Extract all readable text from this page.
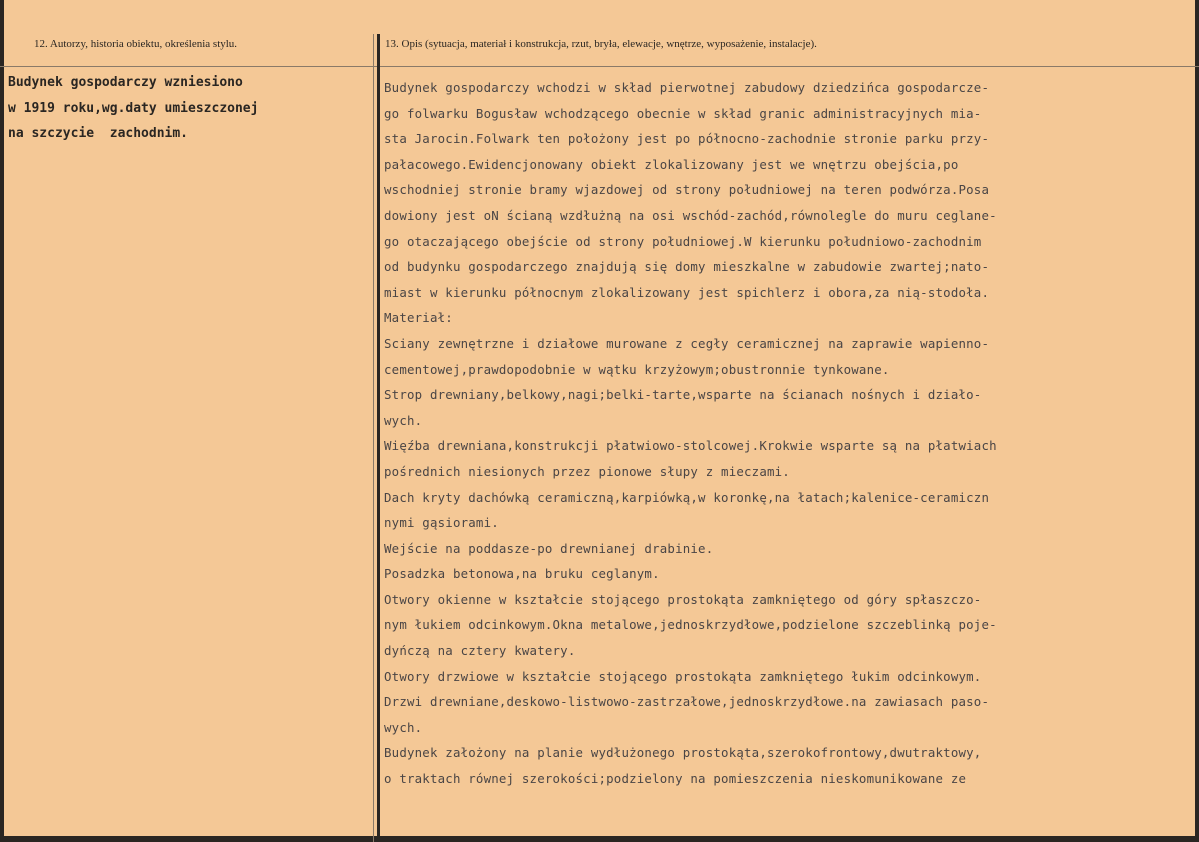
12. Autorzy, historia obiektu, określenia stylu.	13. Opis (sytuacja, materiał i konstrukcja, rzut, bryła, elewacje, wnętrze, wyposażenie, instalacje).
Budynek gospodarczy wzniesiono
w 1919 roku,wg.daty umieszczonej
na szczycie  zachodnim.
Budynek gospodarczy wchodzi w skład pierwotnej zabudowy dziedzińca gospodarcze-
go folwarku Bogusław wchodzącego obecnie w skład granic administracyjnych mia-
sta Jarocin.Folwark ten położony jest po północno-zachodnie stronie parku przy-
pałacowego.Ewidencjonowany obiekt zlokalizowany jest we wnętrzu obejścia,po
wschodniej stronie bramy wjazdowej od strony południowej na teren podwórza.Posa
dowiony jest oN ścianą wzdłużną na osi wschód-zachód,równolegle do muru ceglane-
go otaczającego obejście od strony południowej.W kierunku południowo-zachodnim
od budynku gospodarczego znajdują się domy mieszkalne w zabudowie zwartej;nato-
miast w kierunku północnym zlokalizowany jest spichlerz i obora,za nią-stodoła.
Materiał:
Sciany zewnętrzne i działowe murowane z cegły ceramicznej na zaprawie wapienno-
cementowej,prawdopodobnie w wątku krzyżowym;obustronnie tynkowane.
Strop drewniany,belkowy,nagi;belki-tarte,wsparte na ścianach nośnych i działo-
wych.
Więźba drewniana,konstrukcji płatwiowo-stolcowej.Krokwie wsparte są na płatwiach
pośrednich niesionych przez pionowe słupy z mieczami.
Dach kryty dachówką ceramiczną,karpiówką,w koronkę,na łatach;kalenice-ceramiczn
nymi gąsiorami.
Wejście na poddasze-po drewnianej drabinie.
Posadzka betonowa,na bruku ceglanym.
Otwory okienne w kształcie stojącego prostokąta zamkniętego od góry spłaszczo-
nym łukiem odcinkowym.Okna metalowe,jednoskrzydłowe,podzielone szczeblinką poje-
dyńczą na cztery kwatery.
Otwory drzwiowe w kształcie stojącego prostokąta zamkniętego łukim odcinkowym.
Drzwi drewniane,deskowo-listwowo-zastrzałowe,jednoskrzydłowe.na zawiasach paso-
wych.
Budynek założony na planie wydłużonego prostokąta,szerokofrontowy,dwutraktowy,
o traktach równej szerokości;podzielony na pomieszczenia nieskomunikowane ze
